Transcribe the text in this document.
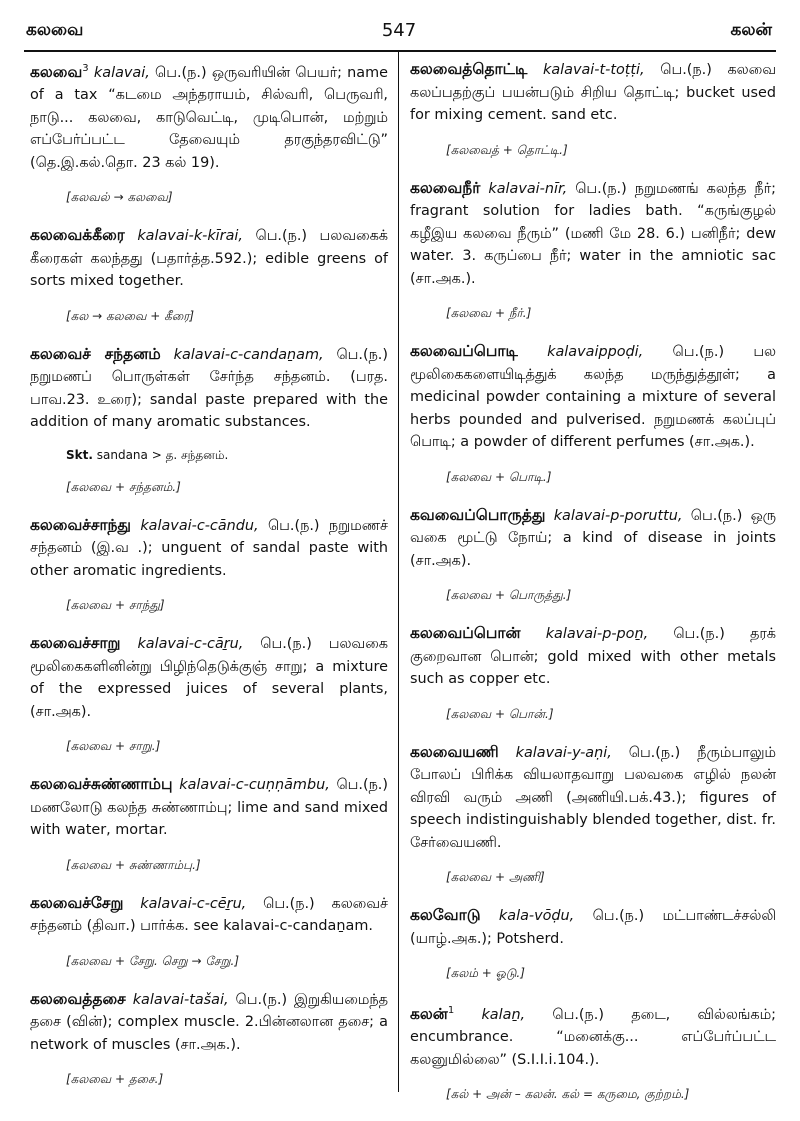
கலவை	547	கலன்

கலவை$^3$ kalavai, பெ.(ந.) ஒருவரியின் பெயர்; name of a tax “கடமை அந்தராயம், சில்வரி, பெருவரி, நாடு... கலவை, காடுவெட்டி, முடிபொன், மற்றும் எப்பேர்ப்பட்ட தேவையும் தரகுந்தரவிட்டு” (தெ.இ.கல்.தொ. 23 கல் 19).

[கலவல் → கலவை]

கலவைக்கீரை kalavai-k-kīrai, பெ.(ந.) பலவகைக் கீரைகள் கலந்தது (பதார்த்த.592.); edible greens of sorts mixed together.

[கல → கலவை + கீரை]

கலவைச் சந்தனம் kalavai-c-candaṉam, பெ.(ந.) நறுமணப் பொருள்கள் சேர்ந்த சந்தனம். (பரத. பாவ.23. உரை); sandal paste prepared with the addition of many aromatic substances.

Skt. sandana > த. சந்தனம்.
[கலவை + சந்தனம்.]

கலவைச்சாந்து kalavai-c-cāndu, பெ.(ந.) நறுமணச் சந்தனம் (இ.வ .); unguent of sandal paste with other aromatic ingredients.

[கலவை + சாந்து]

கலவைச்சாறு kalavai-c-cāṟu, பெ.(ந.) பலவகை மூலிகைகளினின்று பிழிந்தெடுக்குஞ் சாறு; a mixture of the expressed juices of several plants, (சா.அக).

[கலவை + சாறு.]

கலவைச்சுண்ணாம்பு kalavai-c-cuṇṇāmbu, பெ.(ந.) மணலோடு கலந்த சுண்ணாம்பு; lime and sand mixed with water, mortar.

[கலவை + சுண்ணாம்பு.]

கலவைச்சேறு kalavai-c-cēṟu, பெ.(ந.) கலவைச் சந்தனம் (திவா.) பார்க்க. see kalavai-c-candaṉam.

[கலவை + சேறு. செறு → சேறு.]

கலவைத்தசை kalavai-tašai, பெ.(ந.) இறுகியமைந்த தசை (வின்); complex muscle. 2.பின்னலான தசை; a network of muscles (சா.அக.).

[கலவை + தசை.]

கலவைத்தொட்டி kalavai-t-toṭṭi, பெ.(ந.) கலவை கலப்பதற்குப் பயன்படும் சிறிய தொட்டி; bucket used for mixing cement. sand etc.

[கலவைத் + தொட்டி.]

கலவைநீர் kalavai-nīr, பெ.(ந.) நறுமணங் கலந்த நீர்; fragrant solution for ladies bath. “கருங்குழல் கழீஇய கலவை நீரும்” (மணி மே 28. 6.) பனிநீர்; dew water. 3. கருப்பை நீர்; water in the amniotic sac (சா.அக.).

[கலவை + நீர்.]

கலவைப்பொடி kalavaippoḍi, பெ.(ந.) பல மூலிகைகளையிடித்துக் கலந்த மருந்துத்தூள்; a medicinal powder containing a mixture of several herbs pounded and pulverised. நறுமணக் கலப்புப் பொடி; a powder of different perfumes (சா.அக.).

[கலவை + பொடி.]

கவவைப்பொருத்து kalavai-p-poruttu, பெ.(ந.) ஒரு வகை மூட்டு நோய்; a kind of disease in joints (சா.அக).

[கலவை + பொருத்து.]

கலவைப்பொன் kalavai-p-poṉ, பெ.(ந.) தரக் குறைவான பொன்; gold mixed with other metals such as copper etc.

[கலவை + பொன்.]

கலவையணி kalavai-y-aṇi, பெ.(ந.) நீரும்பாலும் போலப் பிரிக்க வியலாதவாறு பலவகை எழில் நலன் விரவி வரும் அணி (அணியி.பக்.43.); figures of speech indistinguishably blended together, dist. fr. சேர்வையணி.

[கலவை + அணி]

கலவோடு kala-vōḍu, பெ.(ந.) மட்பாண்டச்சல்லி (யாழ்.அக.); Potsherd.

[கலம் + ஓடு.]

கலன்$^1$ kalaṉ, பெ.(ந.) தடை, வில்லங்கம்; encumbrance. “மனைக்கு... எப்பேர்ப்பட்ட கலனுமில்லை” (S.I.I.i.104.).

[கல் + அன் – கலன். கல் = கருமை, குற்றம்.]
